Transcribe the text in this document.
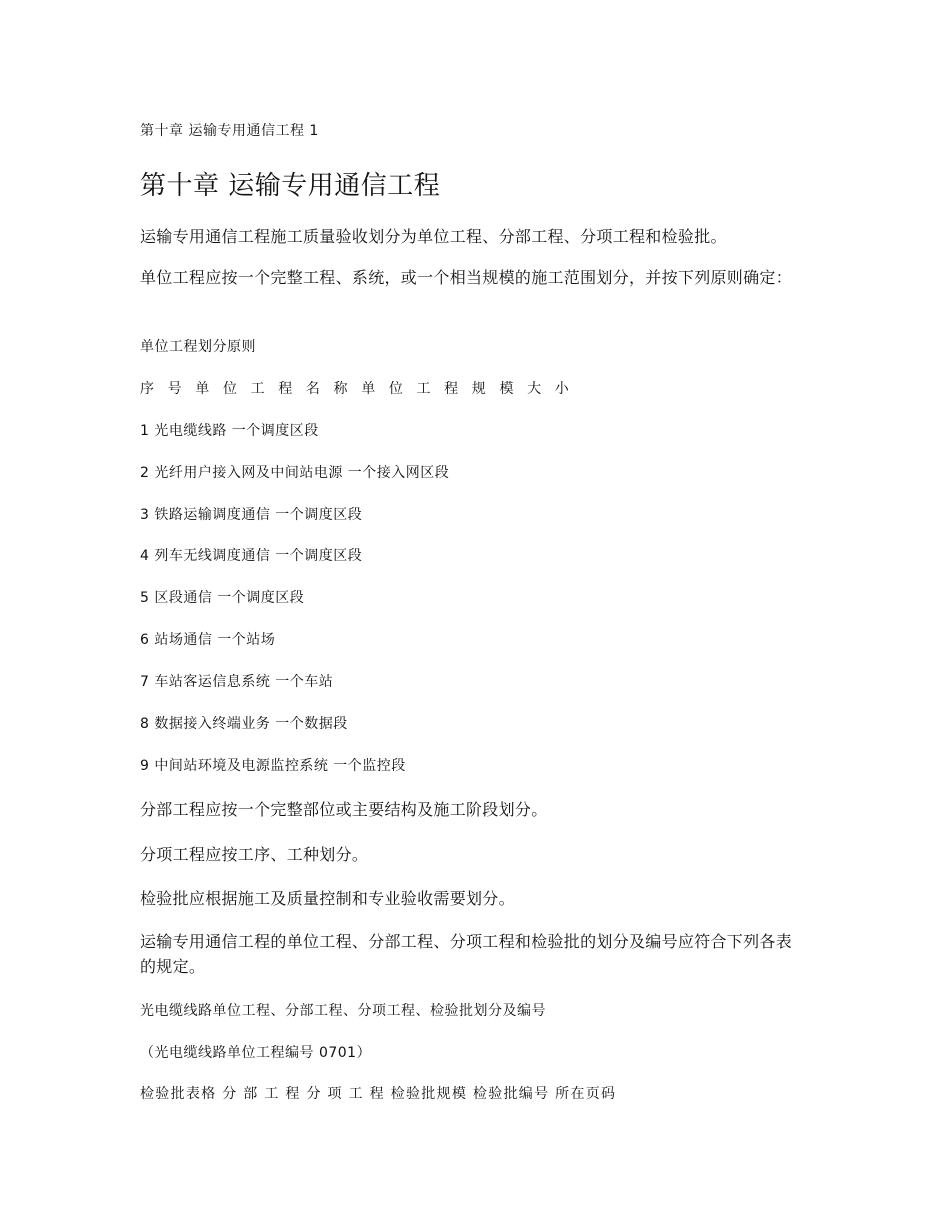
第十章 运输专用通信工程 1
第十章 运输专用通信工程
运输专用通信工程施工质量验收划分为单位工程、分部工程、分项工程和检验批。
单位工程应按一个完整工程、系统，或一个相当规模的施工范围划分，并按下列原则确定：
单位工程划分原则
序 号 单 位 工 程 名 称 单 位 工 程 规 模 大 小
1 光电缆线路 一个调度区段
2 光纤用户接入网及中间站电源 一个接入网区段
3 铁路运输调度通信 一个调度区段
4 列车无线调度通信 一个调度区段
5 区段通信 一个调度区段
6 站场通信 一个站场
7 车站客运信息系统 一个车站
8 数据接入终端业务 一个数据段
9 中间站环境及电源监控系统 一个监控段
分部工程应按一个完整部位或主要结构及施工阶段划分。
分项工程应按工序、工种划分。
检验批应根据施工及质量控制和专业验收需要划分。
运输专用通信工程的单位工程、分部工程、分项工程和检验批的划分及编号应符合下列各表的规定。
光电缆线路单位工程、分部工程、分项工程、检验批划分及编号
（光电缆线路单位工程编号 0701）
检验批表格 分 部 工 程 分 项 工 程 检验批规模 检验批编号 所在页码
